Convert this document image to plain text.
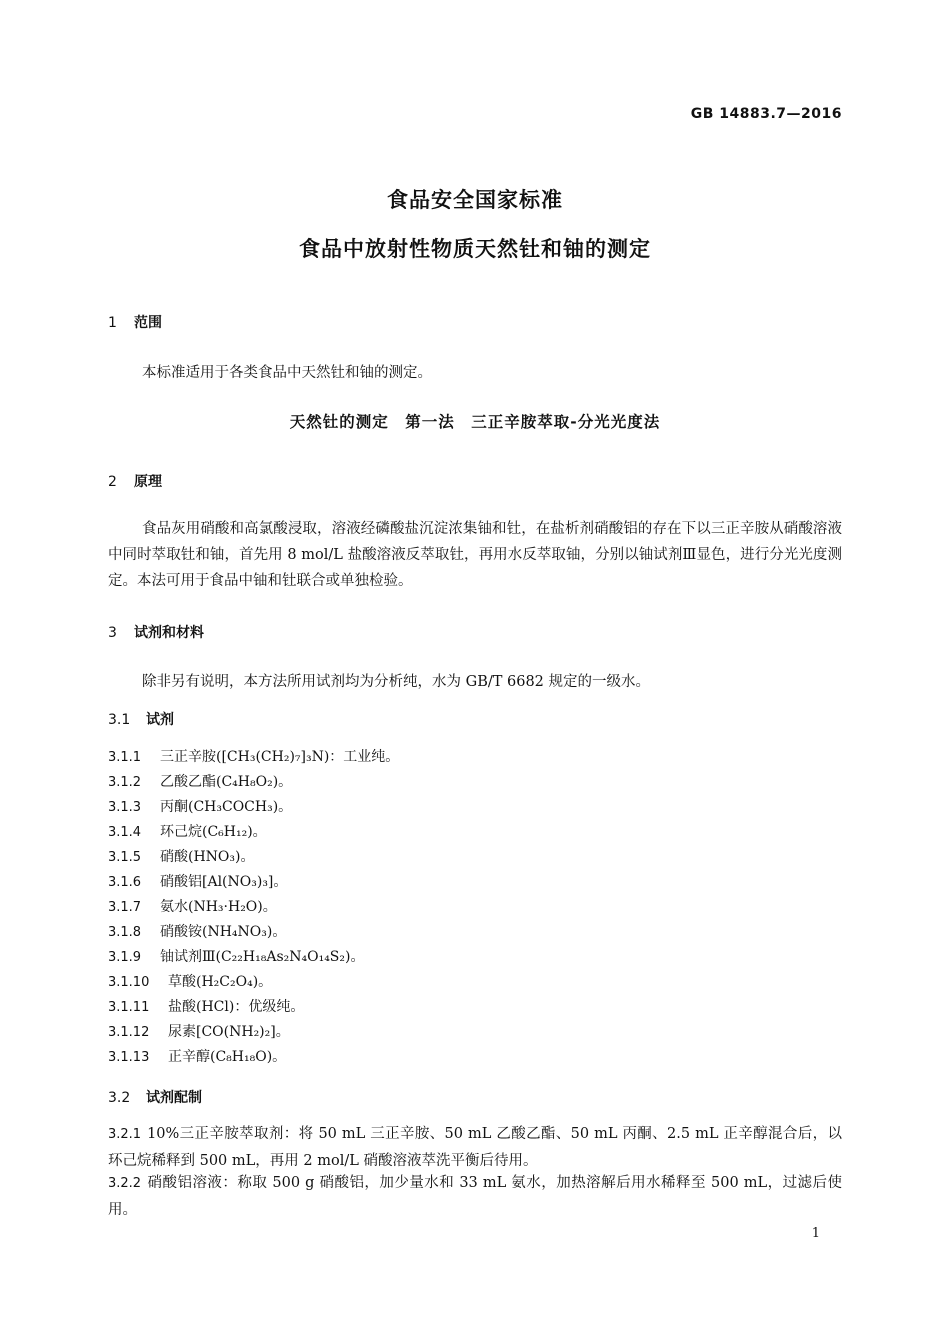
GB 14883.7—2016
食品安全国家标准
食品中放射性物质天然钍和铀的测定
1 范围
本标准适用于各类食品中天然钍和铀的测定。
天然钍的测定　第一法　三正辛胺萃取-分光光度法
2 原理
食品灰用硝酸和高氯酸浸取，溶液经磷酸盐沉淀浓集铀和钍，在盐析剂硝酸铝的存在下以三正辛胺从硝酸溶液中同时萃取钍和铀，首先用 8 mol/L 盐酸溶液反萃取钍，再用水反萃取铀，分别以铀试剂Ⅲ显色，进行分光光度测定。本法可用于食品中铀和钍联合或单独检验。
3 试剂和材料
除非另有说明，本方法所用试剂均为分析纯，水为 GB/T 6682 规定的一级水。
3.1 试剂
3.1.1 三正辛胺([CH₃(CH₂)₇]₃N)：工业纯。
3.1.2 乙酸乙酯(C₄H₈O₂)。
3.1.3 丙酮(CH₃COCH₃)。
3.1.4 环己烷(C₆H₁₂)。
3.1.5 硝酸(HNO₃)。
3.1.6 硝酸铝[Al(NO₃)₃]。
3.1.7 氨水(NH₃·H₂O)。
3.1.8 硝酸铵(NH₄NO₃)。
3.1.9 铀试剂Ⅲ(C₂₂H₁₈As₂N₄O₁₄S₂)。
3.1.10 草酸(H₂C₂O₄)。
3.1.11 盐酸(HCl)：优级纯。
3.1.12 尿素[CO(NH₂)₂]。
3.1.13 正辛醇(C₈H₁₈O)。
3.2 试剂配制
3.2.1 10%三正辛胺萃取剂：将 50 mL 三正辛胺、50 mL 乙酸乙酯、50 mL 丙酮、2.5 mL 正辛醇混合后，以环己烷稀释到 500 mL，再用 2 mol/L 硝酸溶液萃洗平衡后待用。
3.2.2 硝酸铝溶液：称取 500 g 硝酸铝，加少量水和 33 mL 氨水，加热溶解后用水稀释至 500 mL，过滤后使用。
1
